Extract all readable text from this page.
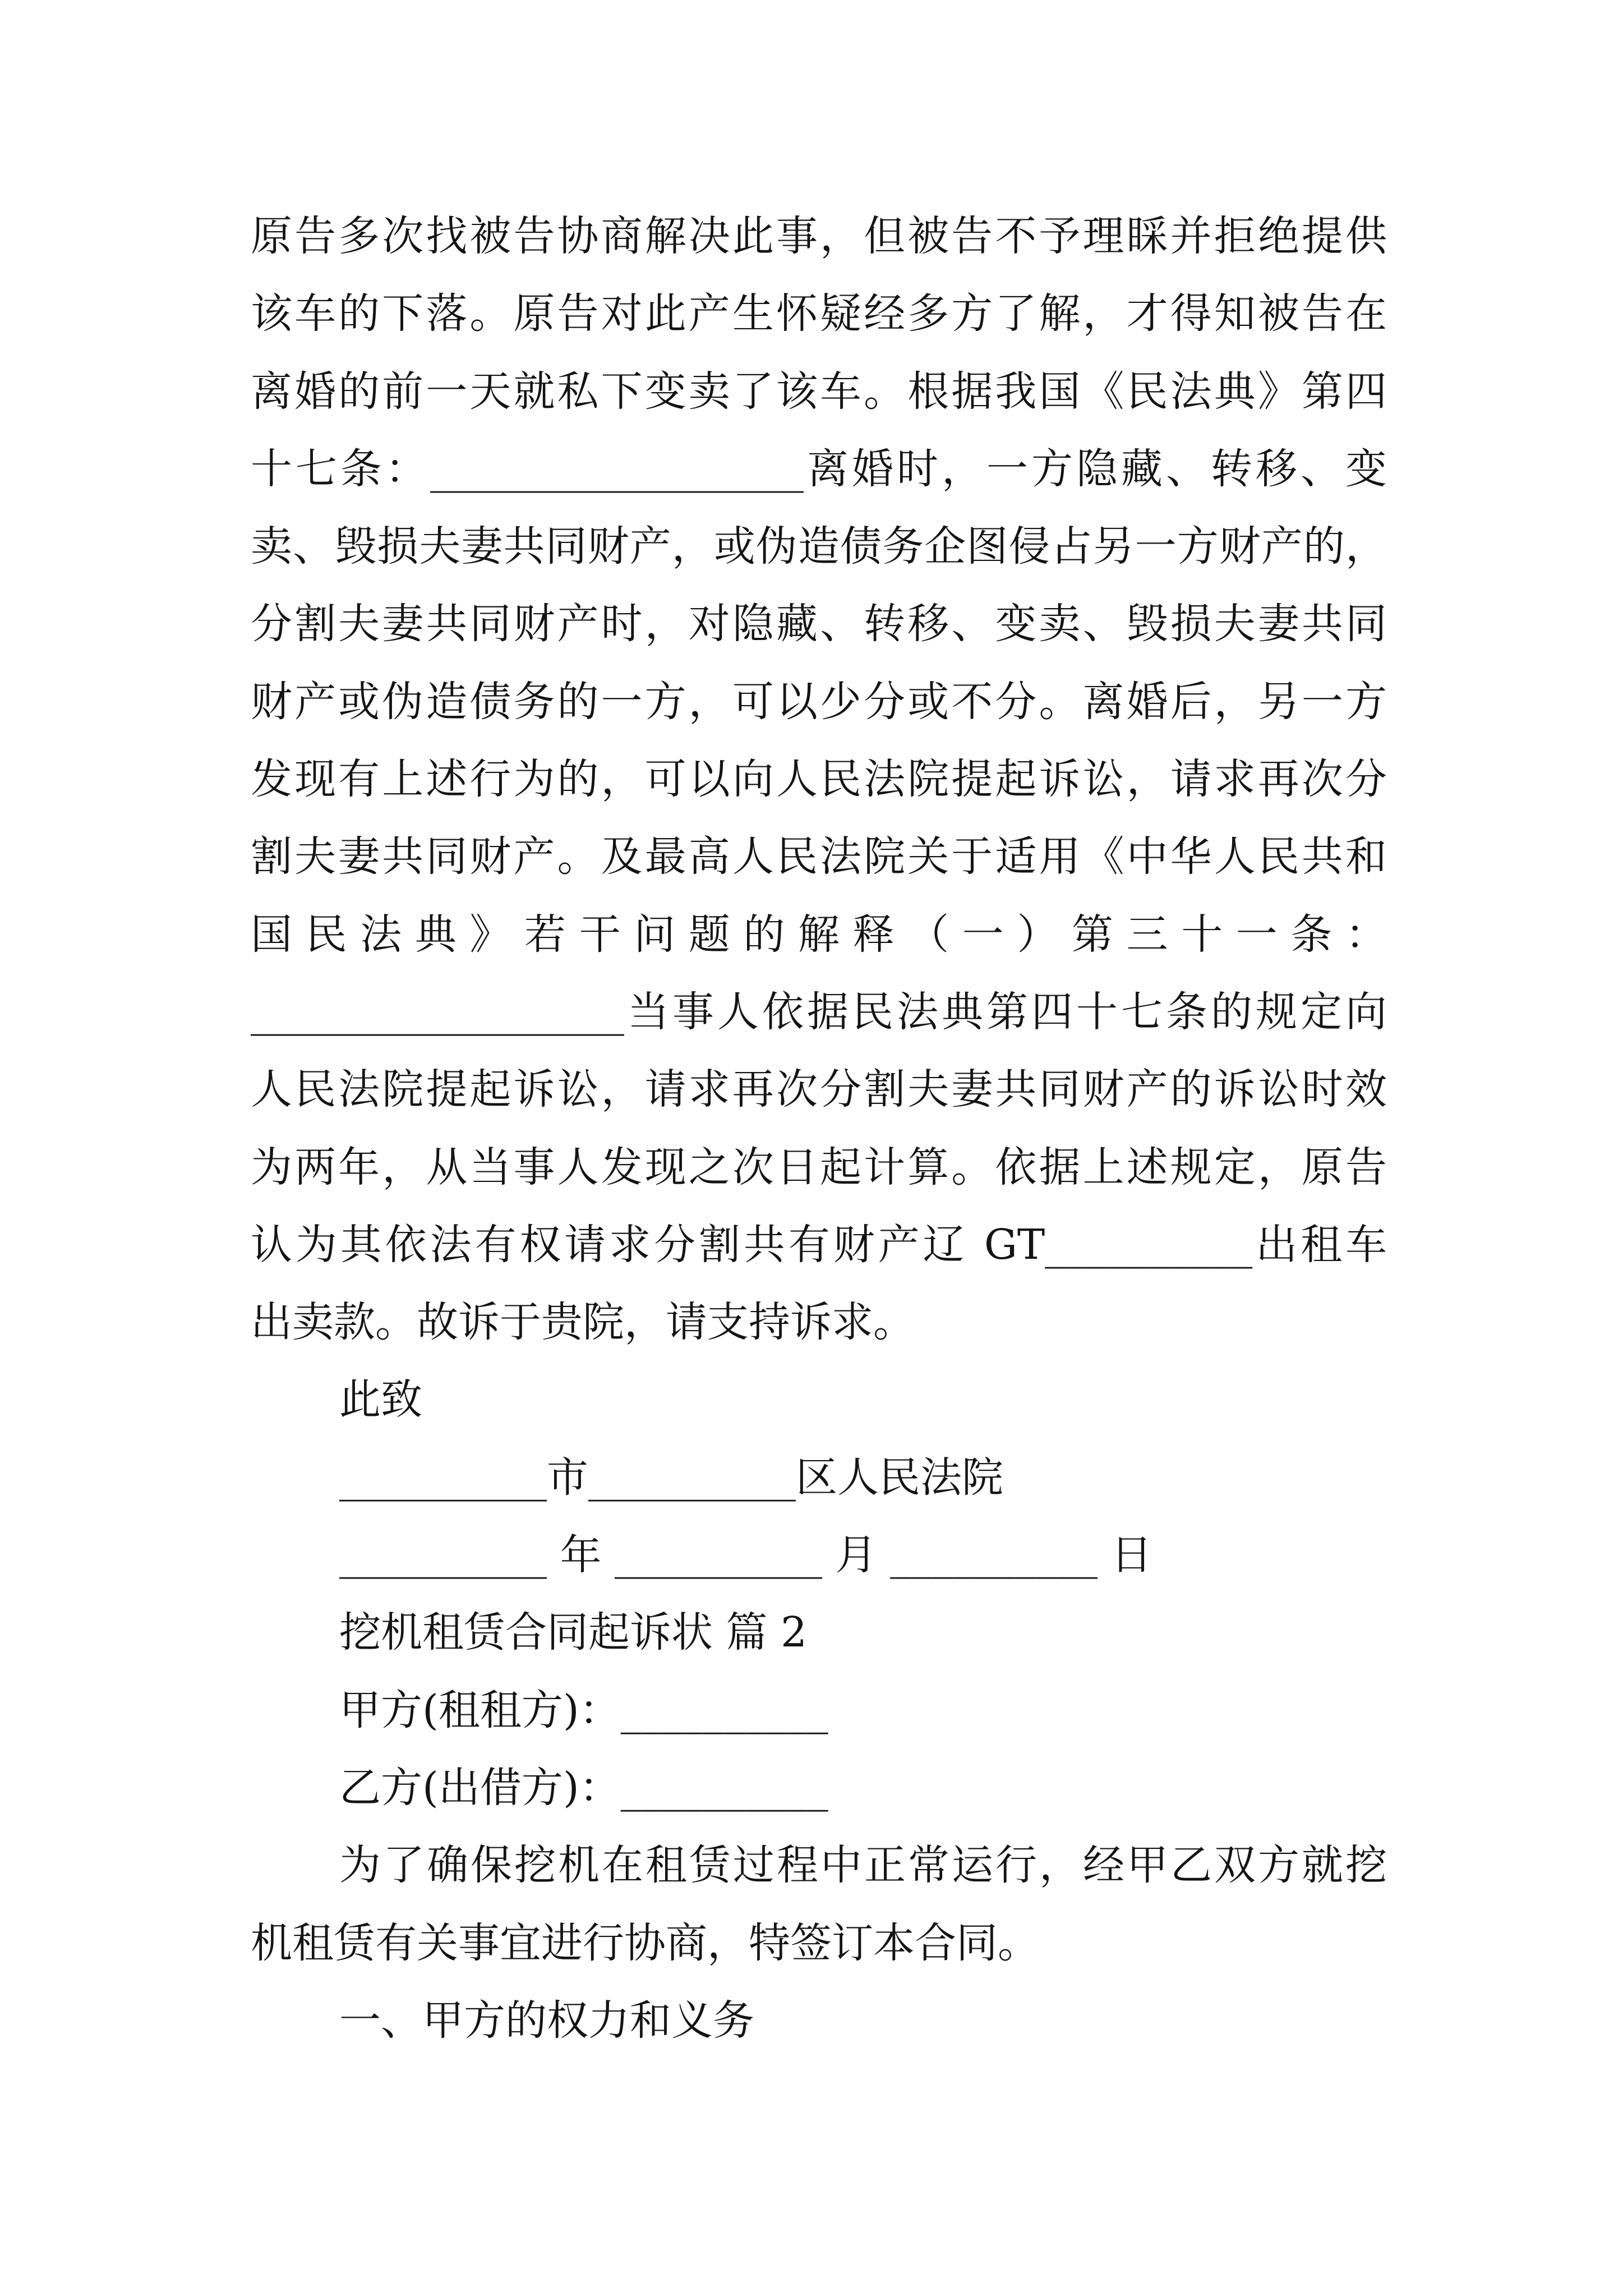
原告多次找被告协商解决此事，但被告不予理睬并拒绝提供
该车的下落。原告对此产生怀疑经多方了解，才得知被告在
离婚的前一天就私下变卖了该车。根据我国《民法典》第四
十七条：__________________离婚时，一方隐藏、转移、变
卖、毁损夫妻共同财产，或伪造债务企图侵占另一方财产的，
分割夫妻共同财产时，对隐藏、转移、变卖、毁损夫妻共同
财产或伪造债务的一方，可以少分或不分。离婚后，另一方
发现有上述行为的，可以向人民法院提起诉讼，请求再次分
割夫妻共同财产。及最高人民法院关于适用《中华人民共和
国民法典》若干问题的解释（一）第三十一条：
__________________当事人依据民法典第四十七条的规定向
人民法院提起诉讼，请求再次分割夫妻共同财产的诉讼时效
为两年，从当事人发现之次日起计算。依据上述规定，原告
认为其依法有权请求分割共有财产辽 GT__________出租车
出卖款。故诉于贵院，请支持诉求。
此致
__________市__________区人民法院
__________ 年 __________ 月 __________ 日
挖机租赁合同起诉状 篇 2
甲方(租租方)：__________
乙方(出借方)：__________
为了确保挖机在租赁过程中正常运行，经甲乙双方就挖
机租赁有关事宜进行协商，特签订本合同。
一、甲方的权力和义务
